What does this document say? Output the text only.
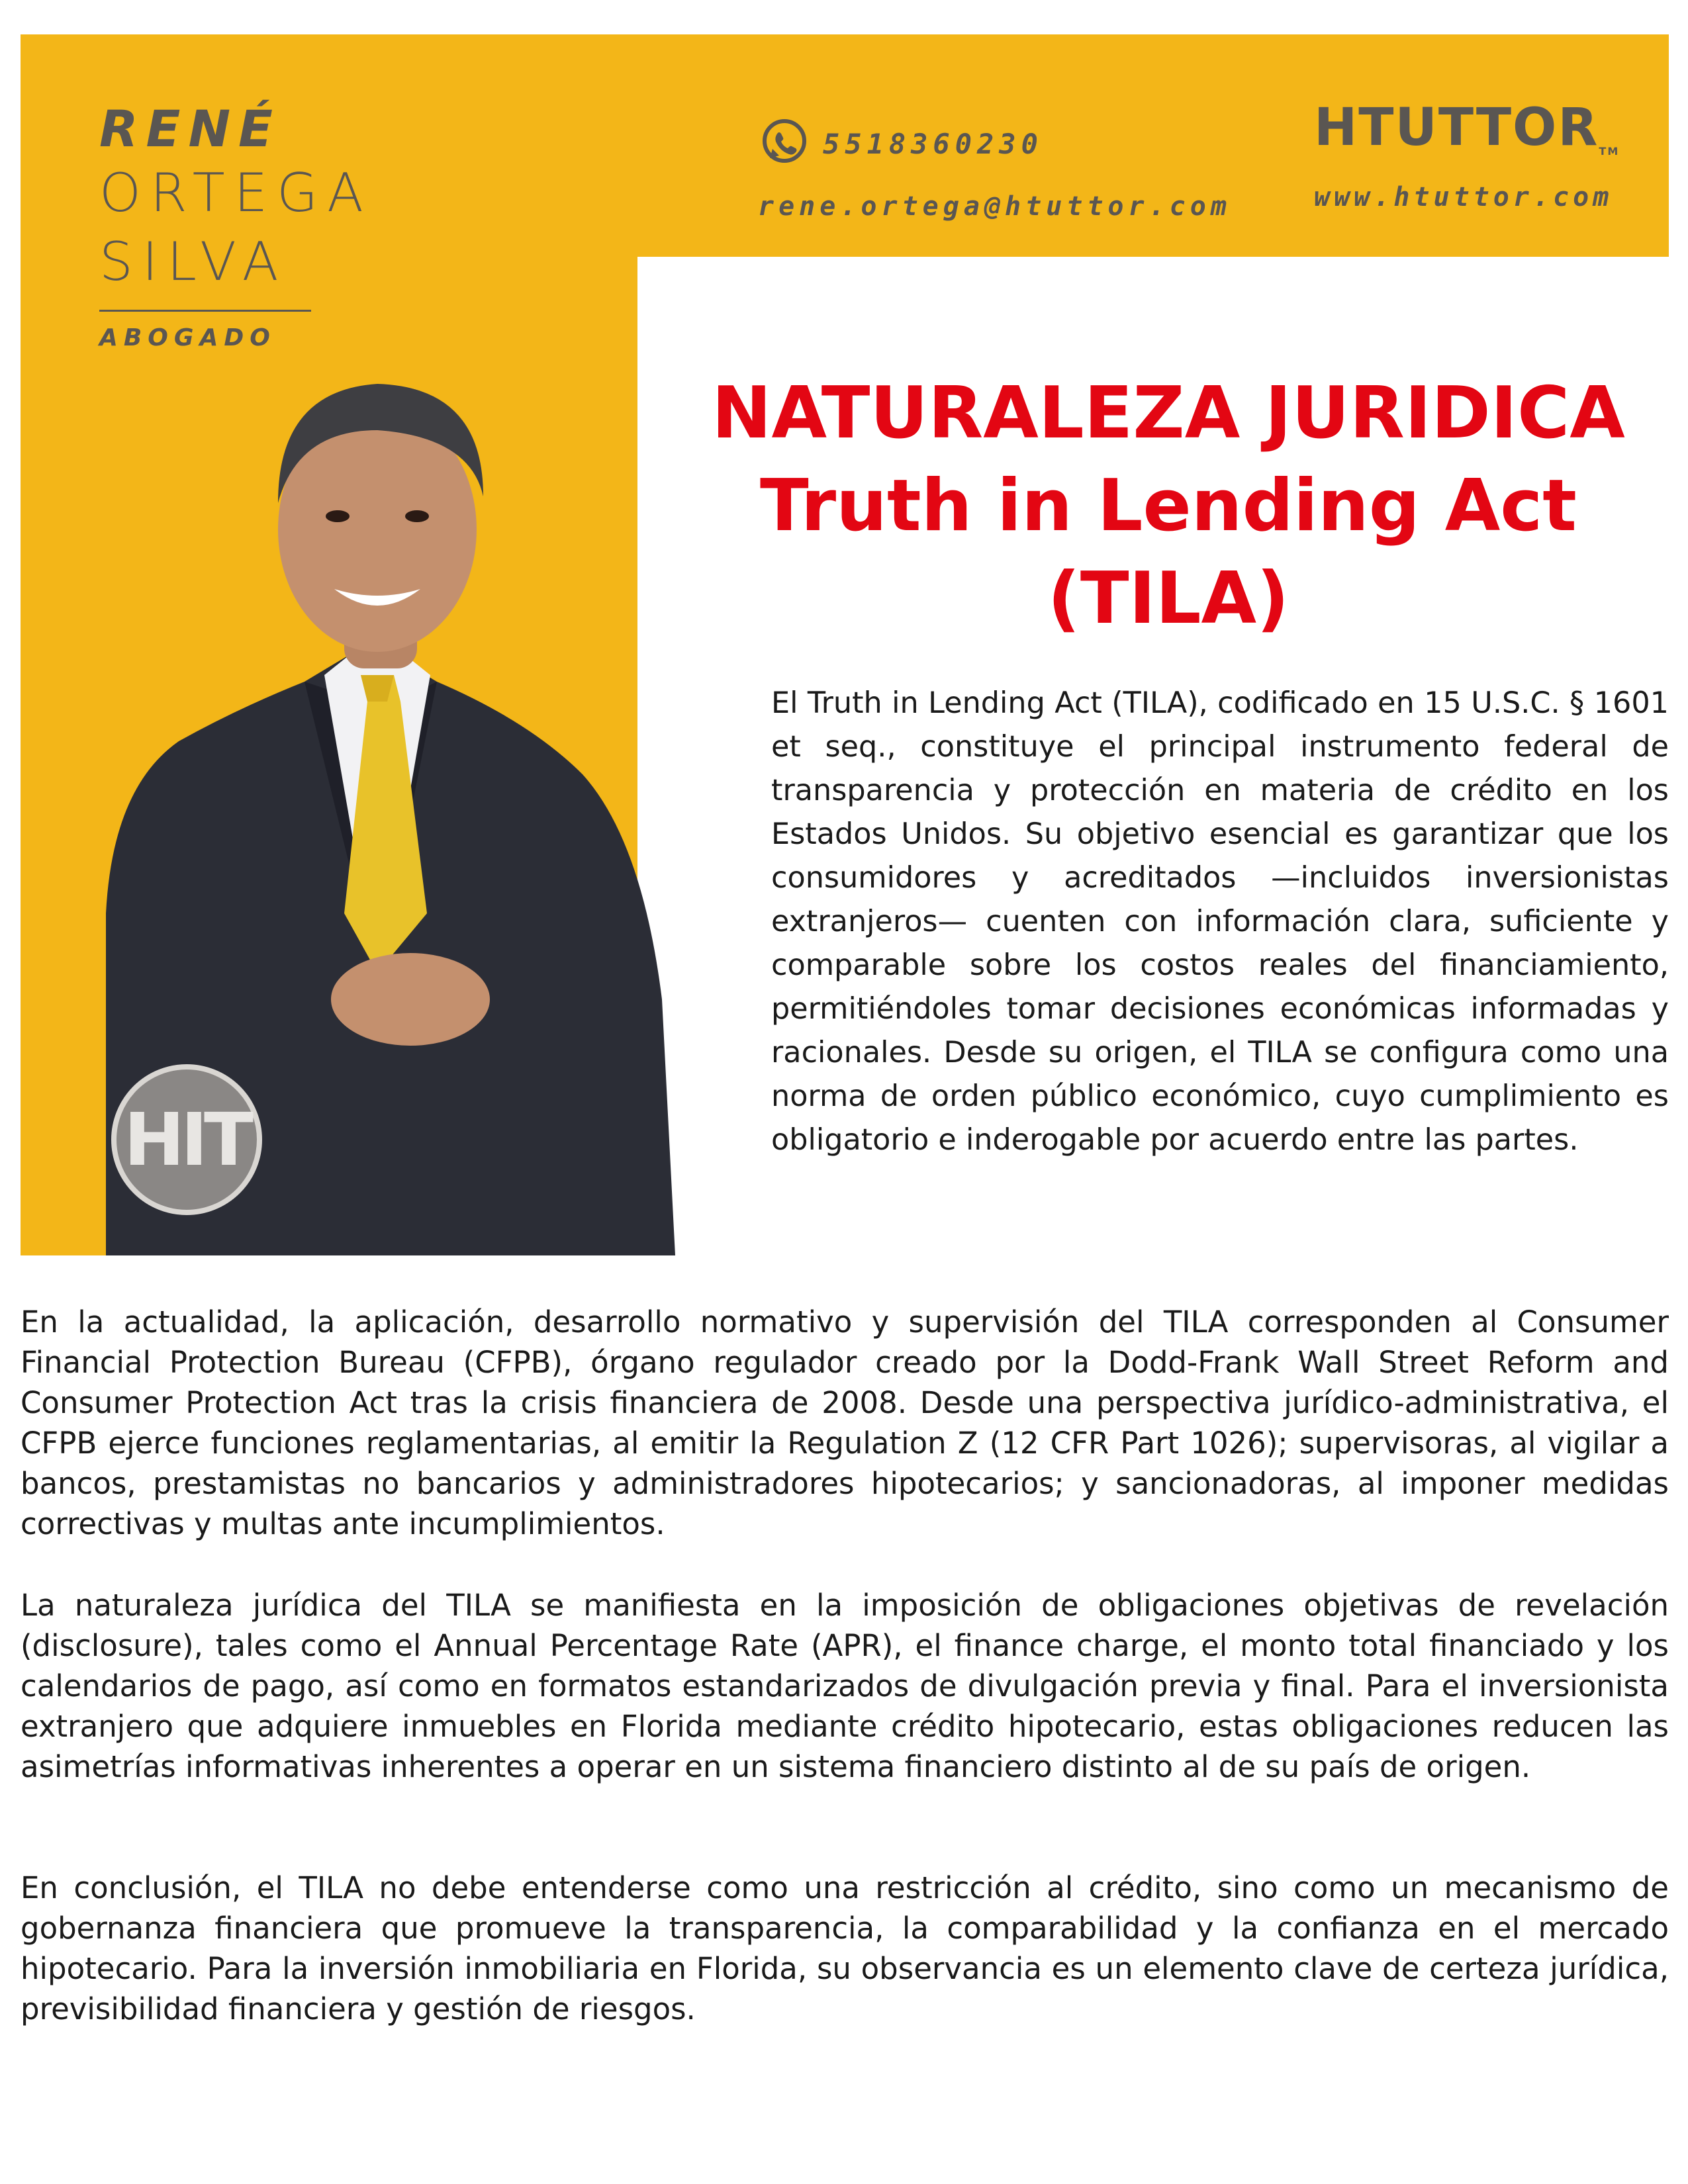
RENÉ
ORTEGA
SILVA
ABOGADO
5518360230
rene.ortega@htuttor.com
HTUTTORTM
www.htuttor.com
HIT
NATURALEZA JURIDICA
Truth in Lending Act
(TILA)
El Truth in Lending Act (TILA), codificado en 15 U.S.C. § 1601 et seq., constituye el principal instrumento federal de transparencia y protección en materia de crédito en los Estados Unidos. Su objetivo esencial es garantizar que los consumidores y acreditados —incluidos inversionistas extranjeros— cuenten con información clara, suficiente y comparable sobre los costos reales del financiamiento, permitiéndoles tomar decisiones económicas informadas y racionales. Desde su origen, el TILA se configura como una norma de orden público económico, cuyo cumplimiento es obligatorio e inderogable por acuerdo entre las partes.

En la actualidad, la aplicación, desarrollo normativo y supervisión del TILA corresponden al Consumer Financial Protection Bureau (CFPB), órgano regulador creado por la Dodd-Frank Wall Street Reform and Consumer Protection Act tras la crisis financiera de 2008. Desde una perspectiva jurídico-administrativa, el CFPB ejerce funciones reglamentarias, al emitir la Regulation Z (12 CFR Part 1026); supervisoras, al vigilar a bancos, prestamistas no bancarios y administradores hipotecarios; y sancionadoras, al imponer medidas correctivas y multas ante incumplimientos.

La naturaleza jurídica del TILA se manifiesta en la imposición de obligaciones objetivas de revelación (disclosure), tales como el Annual Percentage Rate (APR), el finance charge, el monto total financiado y los calendarios de pago, así como en formatos estandarizados de divulgación previa y final. Para el inversionista extranjero que adquiere inmuebles en Florida mediante crédito hipotecario, estas obligaciones reducen las asimetrías informativas inherentes a operar en un sistema financiero distinto al de su país de origen.

En conclusión, el TILA no debe entenderse como una restricción al crédito, sino como un mecanismo de gobernanza financiera que promueve la transparencia, la comparabilidad y la confianza en el mercado hipotecario. Para la inversión inmobiliaria en Florida, su observancia es un elemento clave de certeza jurídica, previsibilidad financiera y gestión de riesgos.
